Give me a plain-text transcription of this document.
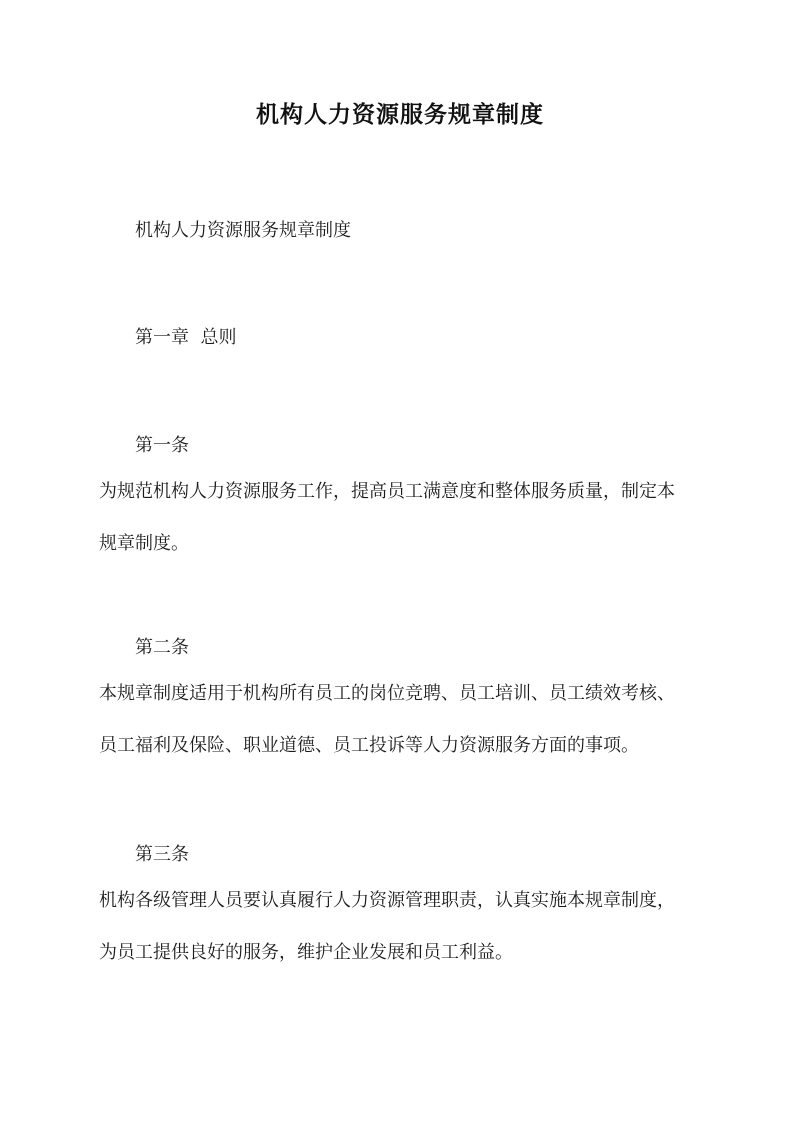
机构人力资源服务规章制度

机构人力资源服务规章制度

第一章  总则

第一条

为规范机构人力资源服务工作，提高员工满意度和整体服务质量，制定本
规章制度。

第二条

本规章制度适用于机构所有员工的岗位竞聘、员工培训、员工绩效考核、
员工福利及保险、职业道德、员工投诉等人力资源服务方面的事项。

第三条

机构各级管理人员要认真履行人力资源管理职责，认真实施本规章制度，
为员工提供良好的服务，维护企业发展和员工利益。
